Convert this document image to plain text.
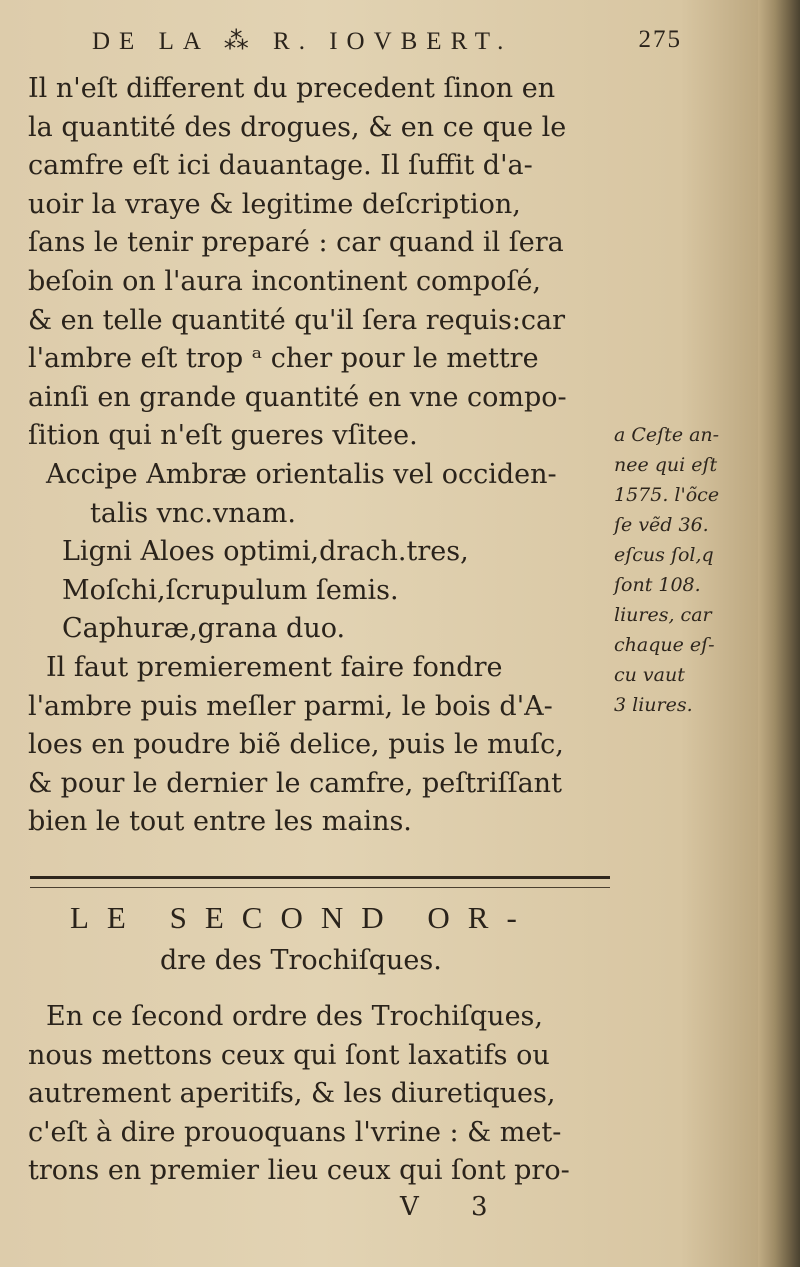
DE LA ⁂ R. IOVBERT.	275
Il n'eſt different du precedent ſinon en
la quantité des drogues, & en ce que le
camfre eſt ici dauantage. Il ſuffit d'a-
uoir la vraye & legitime deſcription,
ſans le tenir preparé : car quand il ſera
beſoin on l'aura incontinent compoſé,
& en telle quantité qu'il ſera requis:car
l'ambre eſt trop ᵃ cher pour le mettre
ainſi en grande quantité en vne compo-
ſition qui n'eſt gueres vſitee.
Accipe Ambræ orientalis vel occiden-
talis vnc.vnam.
Ligni Aloes optimi,drach.tres,
Moſchi,ſcrupulum ſemis.
Caphuræ,grana duo.
Il faut premierement faire fondre
l'ambre puis meſler parmi, le bois d'A-
loes en poudre biẽ delice, puis le muſc,
& pour le dernier le camfre, peſtriſſant
bien le tout entre les mains.
a Ceſte an-
nee qui eſt
1575. l'õce
ſe vẽd 36.
eſcus ſol,q
ſont 108.
liures, car
chaque eſ-
cu vaut
3 liures.
LE SECOND OR-
dre des Trochiſques.
En ce ſecond ordre des Trochiſques,
nous mettons ceux qui ſont laxatifs ou
autrement aperitifs, & les diuretiques,
c'eſt à dire prouoquans l'vrine : & met-
trons en premier lieu ceux qui ſont pro-
V 3
